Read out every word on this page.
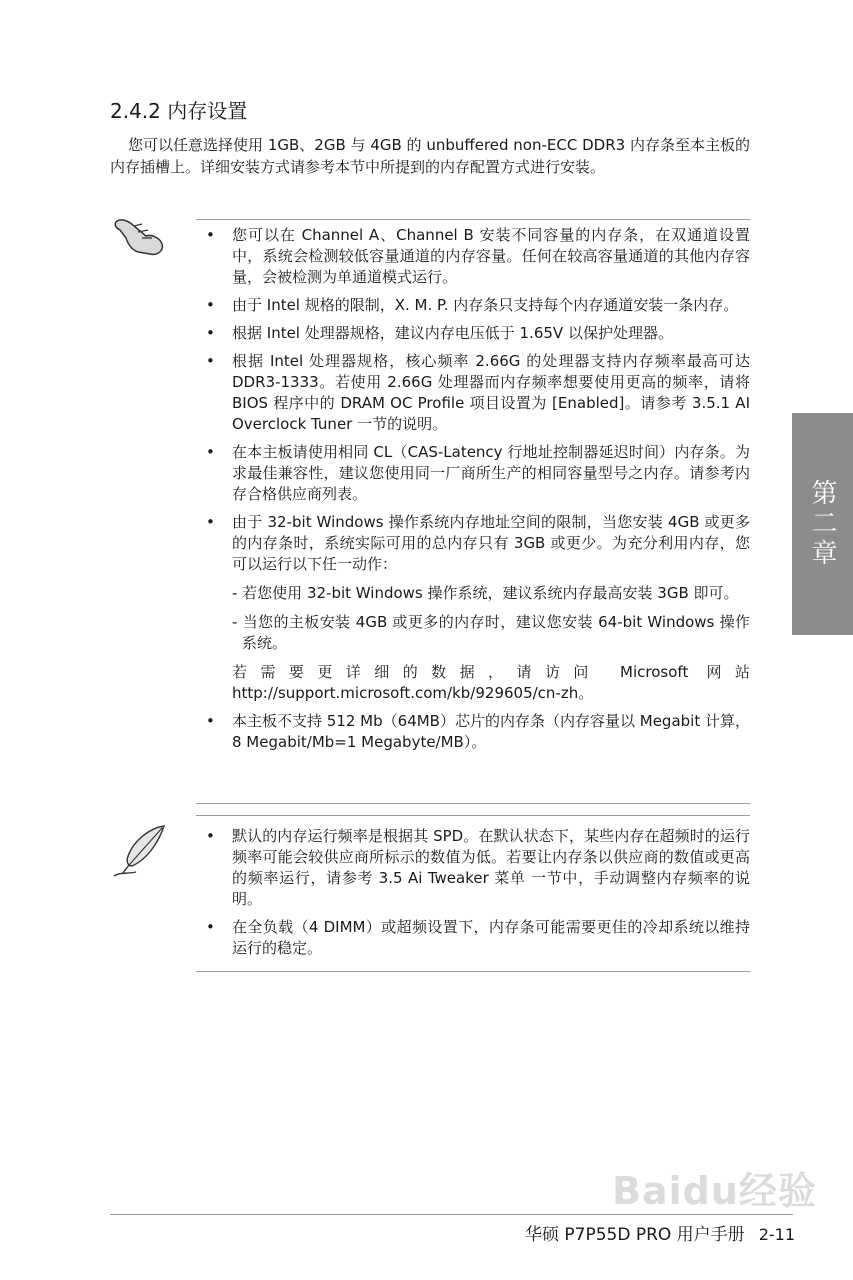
2.4.2 内存设置

您可以任意选择使用 1GB、2GB 与 4GB 的 unbuffered non-ECC DDR3 内存条至本主板的内存插槽上。详细安装方式请参考本节中所提到的内存配置方式进行安装。

• 您可以在 Channel A、Channel B 安装不同容量的内存条，在双通道设置中，系统会检测较低容量通道的内存容量。任何在较高容量通道的其他内存容量，会被检测为单通道模式运行。
• 由于 Intel 规格的限制，X. M. P. 内存条只支持每个内存通道安装一条内存。
• 根据 Intel 处理器规格，建议内存电压低于 1.65V 以保护处理器。
• 根据 Intel 处理器规格，核心频率 2.66G 的处理器支持内存频率最高可达 DDR3-1333。若使用 2.66G 处理器而内存频率想要使用更高的频率，请将 BIOS 程序中的 DRAM OC Profile 项目设置为 [Enabled]。请参考 3.5.1 AI Overclock Tuner 一节的说明。
• 在本主板请使用相同 CL（CAS-Latency 行地址控制器延迟时间）内存条。为求最佳兼容性，建议您使用同一厂商所生产的相同容量型号之内存。请参考内存合格供应商列表。
• 由于 32-bit Windows 操作系统内存地址空间的限制，当您安装 4GB 或更多的内存条时，系统实际可用的总内存只有 3GB 或更少。为充分利用内存，您可以运行以下任一动作：
- 若您使用 32-bit Windows 操作系统，建议系统内存最高安装 3GB 即可。
- 当您的主板安装 4GB 或更多的内存时，建议您安装 64-bit Windows 操作系统。
若需要更详细的数据，请访问 Microsoft 网站 http://support.microsoft.com/kb/929605/cn-zh。
• 本主板不支持 512 Mb（64MB）芯片的内存条（内存容量以 Megabit 计算，8 Megabit/Mb=1 Megabyte/MB）。
• 默认的内存运行频率是根据其 SPD。在默认状态下，某些内存在超频时的运行频率可能会较供应商所标示的数值为低。若要让内存条以供应商的数值或更高的频率运行，请参考 3.5 Ai Tweaker 菜单 一节中，手动调整内存频率的说明。
• 在全负载（4 DIMM）或超频设置下，内存条可能需要更佳的冷却系统以维持运行的稳定。
第二章
Baidu经验
华硕 P7P55D PRO 用户手册 2-11
